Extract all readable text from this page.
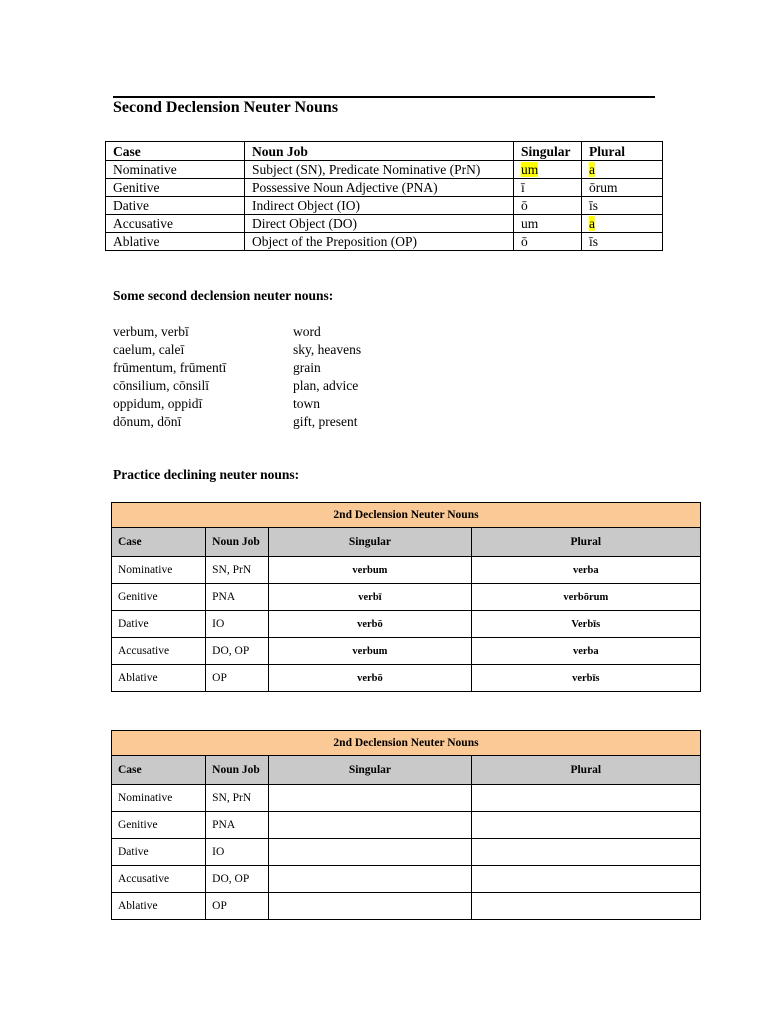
Second Declension Neuter Nouns
Case	Noun Job	Singular	Plural
Nominative	Subject (SN), Predicate Nominative (PrN)	um	a
Genitive	Possessive Noun Adjective (PNA)	ī	ōrum
Dative	Indirect Object (IO)	ō	īs
Accusative	Direct Object (DO)	um	a
Ablative	Object of the Preposition (OP)	ō	īs
Some second declension neuter nouns:
verbum, verbī	word
caelum, caleī	sky, heavens
frūmentum, frūmentī	grain
cōnsilium, cōnsilī	plan, advice
oppidum, oppidī	town
dōnum, dōnī	gift, present
Practice declining neuter nouns:
2nd Declension Neuter Nouns			
Case	Noun Job	Singular	Plural
Nominative	SN, PrN	verbum	verba
Genitive	PNA	verbī	verbōrum
Dative	IO	verbō	Verbīs
Accusative	DO, OP	verbum	verba
Ablative	OP	verbō	verbīs
2nd Declension Neuter Nouns			
Case	Noun Job	Singular	Plural
Nominative	SN, PrN		
Genitive	PNA		
Dative	IO		
Accusative	DO, OP		
Ablative	OP		
